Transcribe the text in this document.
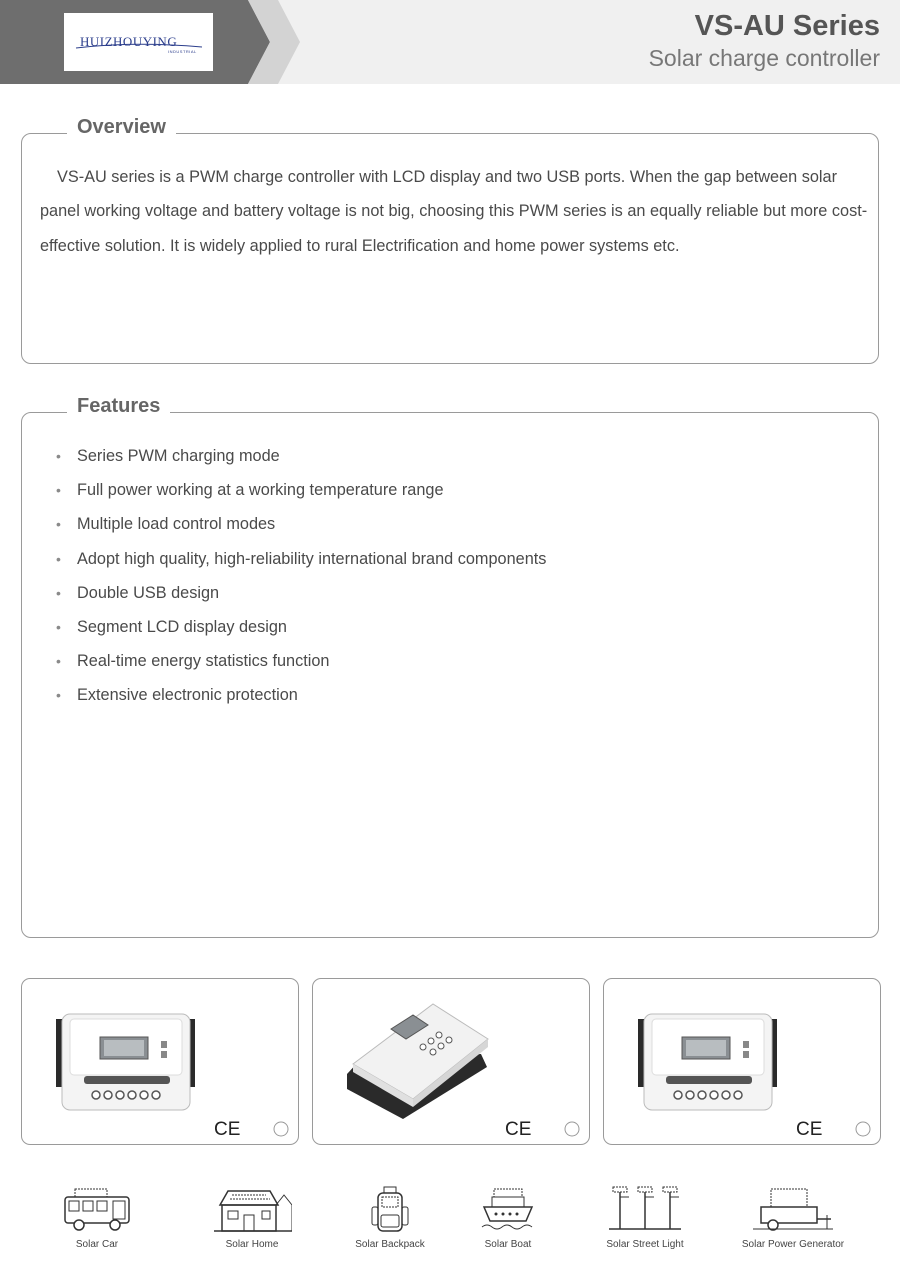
HUIZHOUYING
INDUSTRIAL
VS-AU Series
Solar charge controller
Overview

VS-AU series is a PWM charge controller with LCD display and two USB ports. When the gap between solar panel working voltage and battery voltage is not big, choosing this PWM series is an equally reliable but more cost-effective solution. It is widely applied to rural Electrification and home power systems etc.

Features
• Series PWM charging mode
• Full power working at a working temperature range
• Multiple load control modes
• Adopt high quality, high-reliability international brand components
• Double USB design
• Segment LCD display design
• Real-time energy statistics function
• Extensive electronic protection
CE	CE	CE
Solar Car	Solar Home	Solar Backpack	Solar Boat	Solar Street Light	Solar Power Generator
